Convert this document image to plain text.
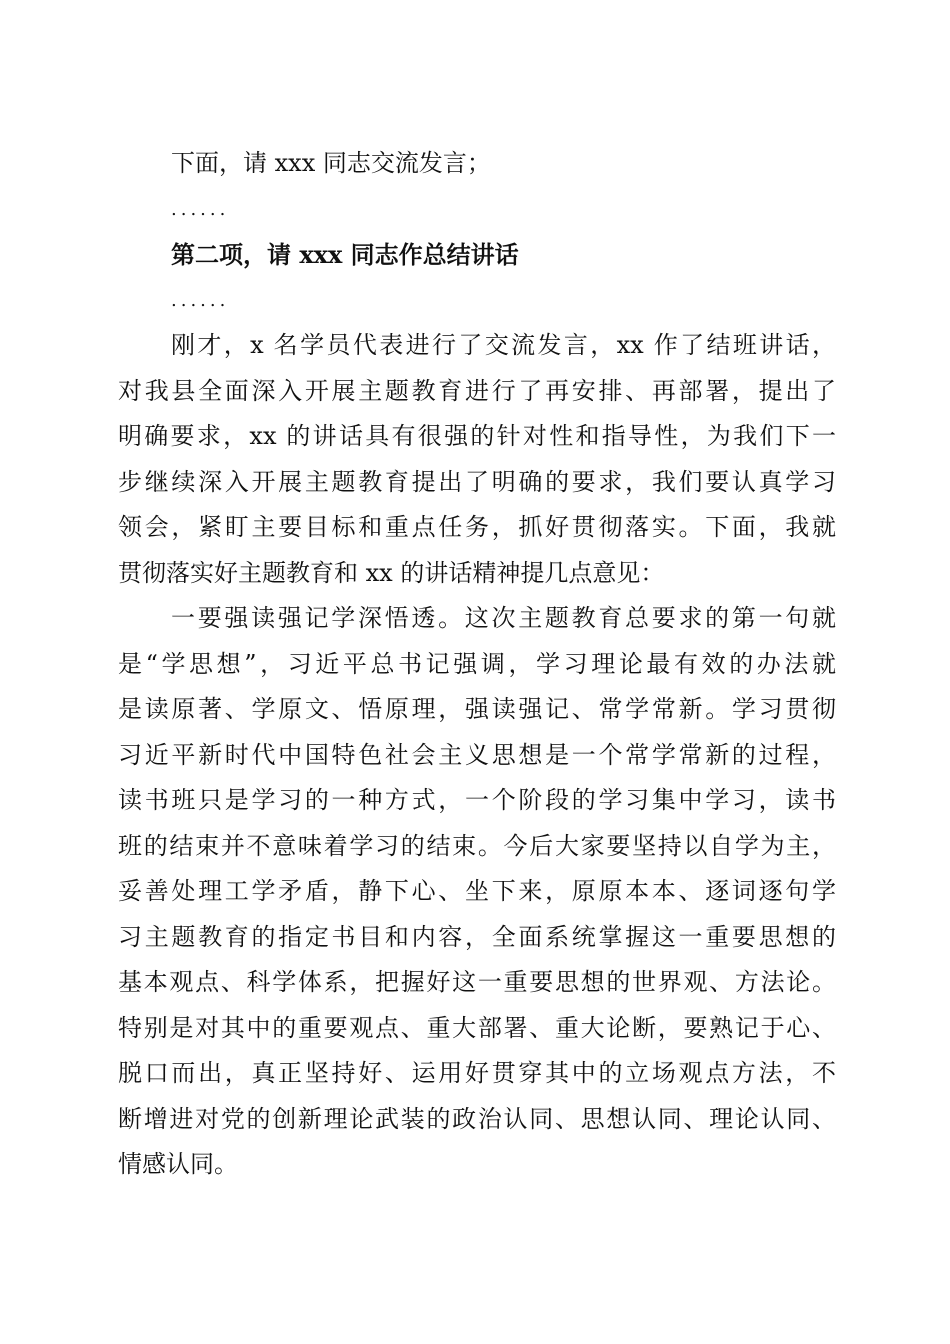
下面，请 xxx 同志交流发言；
......
第二项，请 xxx 同志作总结讲话
......
刚才，x 名学员代表进行了交流发言，xx 作了结班讲话，
对我县全面深入开展主题教育进行了再安排、再部署，提出了
明确要求，xx 的讲话具有很强的针对性和指导性，为我们下一
步继续深入开展主题教育提出了明确的要求，我们要认真学习
领会，紧盯主要目标和重点任务，抓好贯彻落实。下面，我就
贯彻落实好主题教育和 xx 的讲话精神提几点意见：
一要强读强记学深悟透。这次主题教育总要求的第一句就
是“学思想”，习近平总书记强调，学习理论最有效的办法就
是读原著、学原文、悟原理，强读强记、常学常新。学习贯彻
习近平新时代中国特色社会主义思想是一个常学常新的过程，
读书班只是学习的一种方式，一个阶段的学习集中学习，读书
班的结束并不意味着学习的结束。今后大家要坚持以自学为主，
妥善处理工学矛盾，静下心、坐下来，原原本本、逐词逐句学
习主题教育的指定书目和内容，全面系统掌握这一重要思想的
基本观点、科学体系，把握好这一重要思想的世界观、方法论。
特别是对其中的重要观点、重大部署、重大论断，要熟记于心、
脱口而出，真正坚持好、运用好贯穿其中的立场观点方法，不
断增进对党的创新理论武装的政治认同、思想认同、理论认同、
情感认同。
